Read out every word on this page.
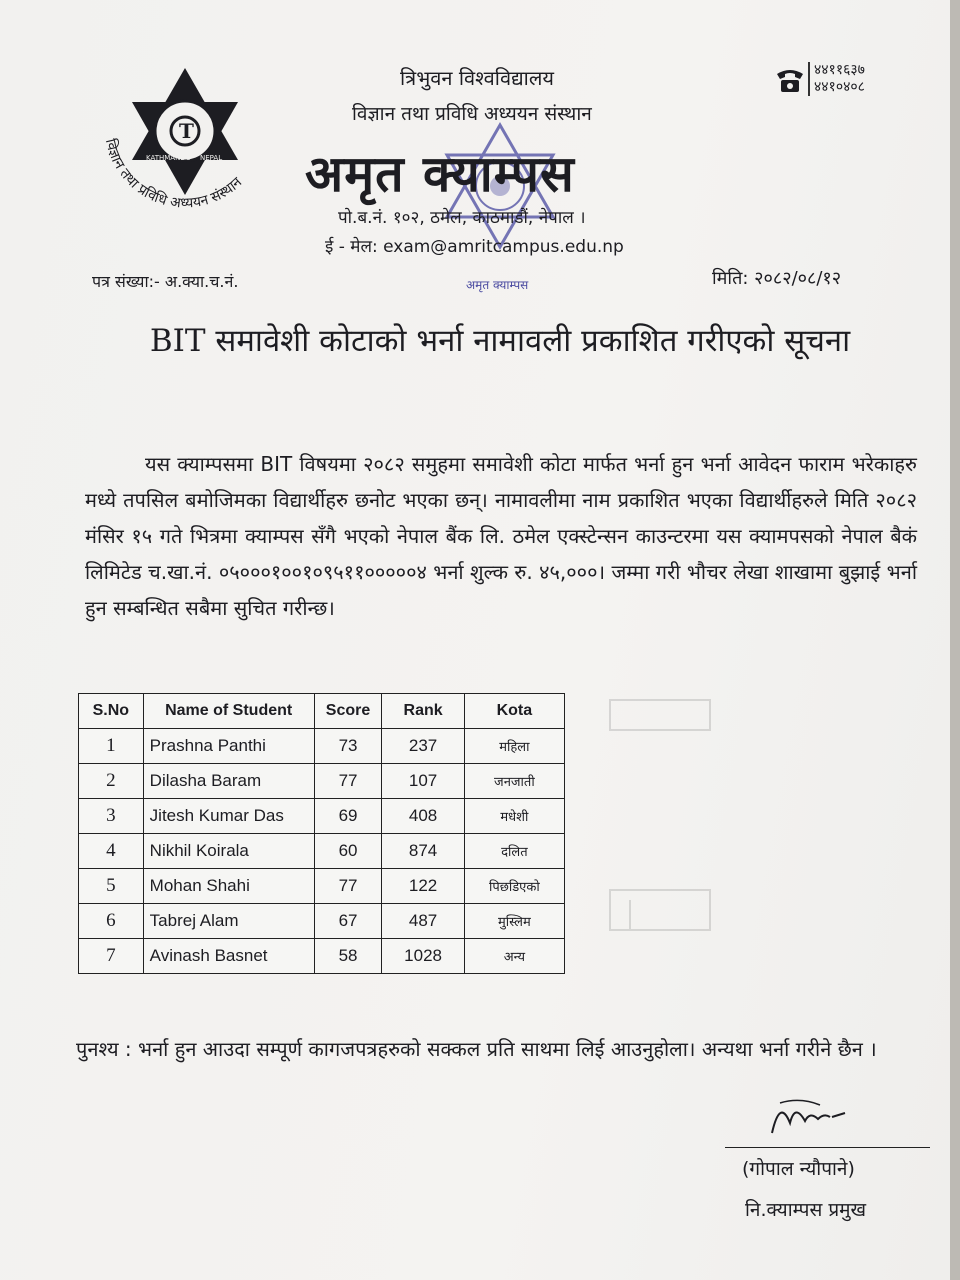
T
KATHMANDU NEPAL
विज्ञान तथा प्रविधि अध्ययन संस्थान
त्रिभुवन विश्वविद्यालय
विज्ञान तथा प्रविधि अध्ययन संस्थान
अमृत क्याम्पस
पो.ब.नं. १०२, ठमेल, काठमाडौं, नेपाल ।
ई - मेल: exam@amritcampus.edu.np
अमृत क्याम्पस
४४११६३७
४४१०४०८
पत्र संख्या:- अ.क्या.च.नं.	मिति: २०८२/०८/१२
BIT समावेशी कोटाको भर्ना नामावली प्रकाशित गरीएको सूचना

यस क्याम्पसमा BIT विषयमा २०८२ समुहमा समावेशी कोटा मार्फत भर्ना हुन भर्ना आवेदन फाराम भरेकाहरु मध्ये तपसिल बमोजिमका विद्यार्थीहरु छनोट भएका छन्। नामावलीमा नाम प्रकाशित भएका विद्यार्थीहरुले मिति २०८२ मंसिर १५ गते भित्रमा क्याम्पस सँगै भएको नेपाल बैंक लि. ठमेल एक्स्टेन्सन काउन्टरमा यस क्यामपसको नेपाल बैकं लिमिटेड च.खा.नं. ०५०००१००१०९५११०००००४ भर्ना शुल्क रु. ४५,०००। जम्मा गरी भौचर लेखा शाखामा बुझाई भर्ना हुन सम्बन्धित सबैमा सुचित गरीन्छ।

S.No	Name of Student	Score	Rank	Kota
1	Prashna Panthi	73	237	महिला
2	Dilasha Baram	77	107	जनजाती
3	Jitesh Kumar Das	69	408	मधेशी
4	Nikhil Koirala	60	874	दलित
5	Mohan Shahi	77	122	पिछडिएको
6	Tabrej Alam	67	487	मुस्लिम
7	Avinash Basnet	58	1028	अन्य
पुनश्य : भर्ना हुन आउदा सम्पूर्ण कागजपत्रहरुको सक्कल प्रति साथमा लिई आउनुहोला। अन्यथा भर्ना गरीने छैन ।
(गोपाल न्यौपाने)
नि.क्याम्पस प्रमुख
